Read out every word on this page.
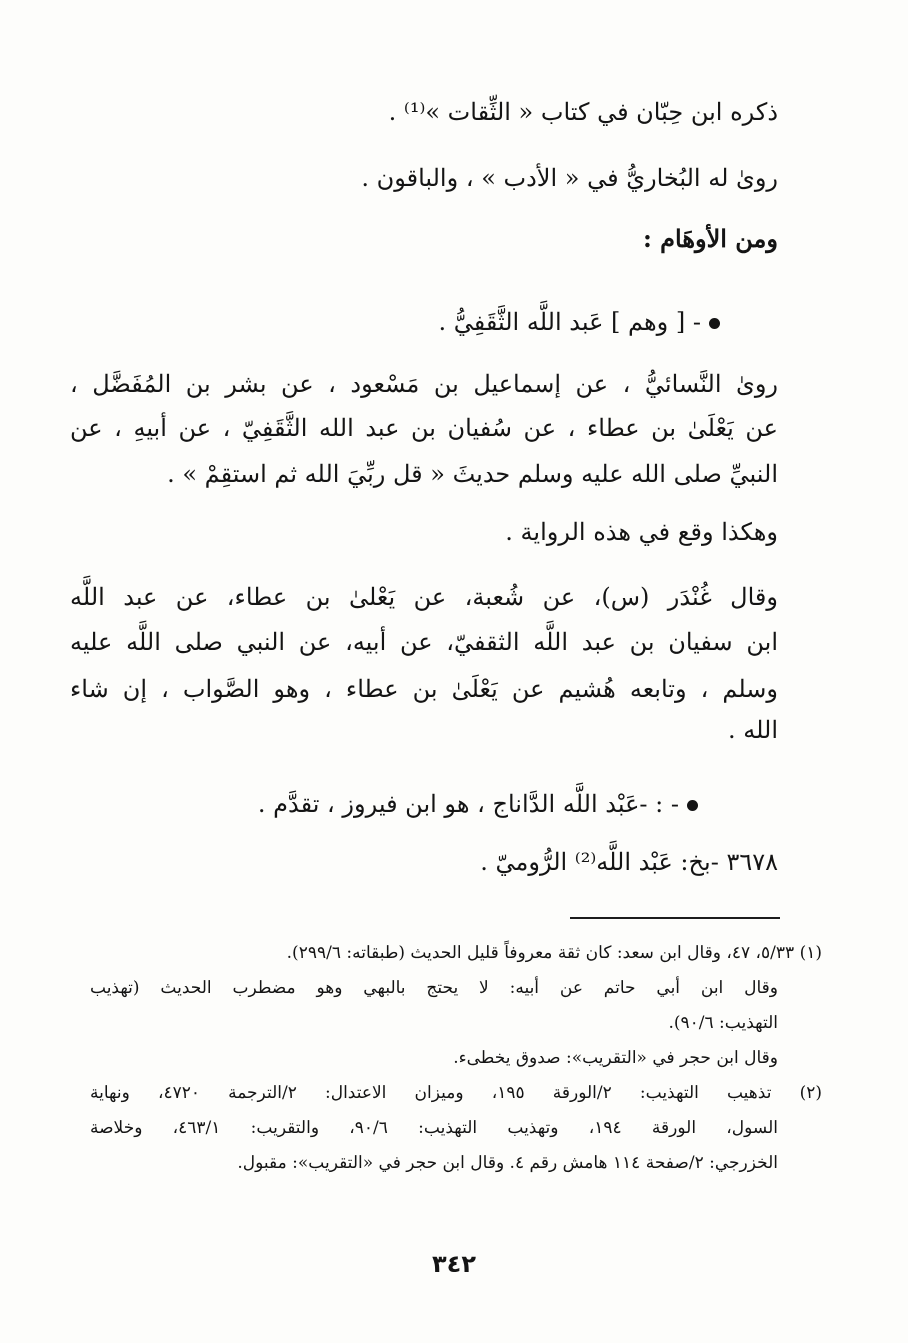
ذكره ابن حِبّان في كتاب « الثِّقات »⁽¹⁾ .
روىٰ له البُخاريُّ في « الأدب » ، والباقون .
ومن الأوهَام :
- [ وهم ] عَبد اللَّه الثَّقَفِيُّ .
روىٰ النَّسائيُّ ، عن إسماعيل بن مَسْعود ، عن بشر بن المُفَضَّل ،
عن يَعْلَىٰ بن عطاء ، عن سُفيان بن عبد الله الثَّقَفِيّ ، عن أبيهِ ، عن
النبيِّ صلى الله عليه وسلم حديثَ « قل ربِّيَ الله ثم استقِمْ » .
وهكذا وقع في هذه الرواية .
وقال غُنْدَر (س)، عن شُعبة، عن يَعْلىٰ بن عطاء، عن عبد اللَّه
ابن سفيان بن عبد اللَّه الثقفيّ، عن أبيه، عن النبي صلى اللَّه عليه
وسلم ، وتابعه هُشيم عن يَعْلَىٰ بن عطاء ، وهو الصَّواب ، إن شاء
الله .
- : -عَبْد اللَّه الدَّاناج ، هو ابن فيروز ، تقدَّم .
٣٦٧٨ -بخ: عَبْد اللَّه⁽²⁾ الرُّوميّ .
(١) ٥/٣٣، ٤٧، وقال ابن سعد: كان ثقة معروفاً قليل الحديث (طبقاته: ٢٩٩/٦).
وقال ابن أبي حاتم عن أبيه: لا يحتج بالبهي وهو مضطرب الحديث (تهذيب
التهذيب: ٩٠/٦).
وقال ابن حجر في «التقريب»: صدوق يخطىء.
(٢) تذهيب التهذيب: ٢/الورقة ١٩٥، وميزان الاعتدال: ٢/الترجمة ٤٧٢٠، ونهاية
السول، الورقة ١٩٤، وتهذيب التهذيب: ٩٠/٦، والتقريب: ٤٦٣/١، وخلاصة
الخزرجي: ٢/صفحة ١١٤ هامش رقم ٤. وقال ابن حجر في «التقريب»: مقبول.
٣٤٢
